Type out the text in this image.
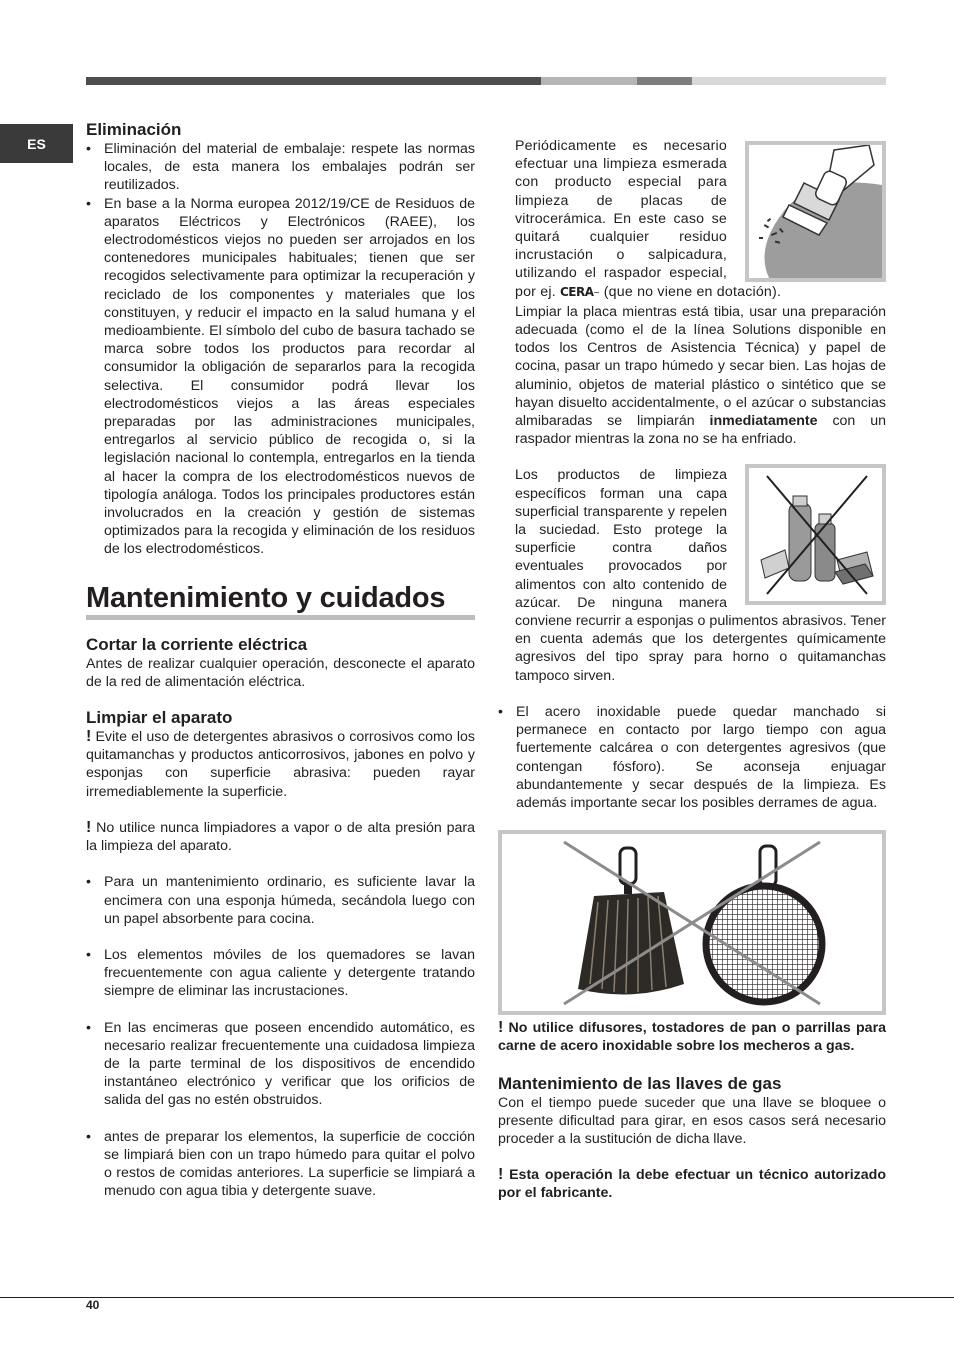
ES
Eliminación
• Eliminación del material de embalaje: respete las normas locales, de esta manera los embalajes podrán ser reutilizados.
• En base a la Norma europea 2012/19/CE de Residuos de aparatos Eléctricos y Electrónicos (RAEE), los electrodomésticos viejos no pueden ser arrojados en los contenedores municipales habituales; tienen que ser recogidos selectivamente para optimizar la recuperación y reciclado de los componentes y materiales que los constituyen, y reducir el impacto en la salud humana y el medioambiente. El símbolo del cubo de basura tachado se marca sobre todos los productos para recordar al consumidor la obligación de separarlos para la recogida selectiva. El consumidor podrá llevar los electrodomésticos viejos a las áreas especiales preparadas por las administraciones municipales, entregarlos al servicio público de recogida o, si la legislación nacional lo contempla, entregarlos en la tienda al hacer la compra de los electrodomésticos nuevos de tipología análoga. Todos los principales productores están involucrados en la creación y gestión de sistemas optimizados para la recogida y eliminación de los residuos de los electrodomésticos.
Mantenimiento y cuidados
Cortar la corriente eléctrica

Antes de realizar cualquier operación, desconecte el aparato de la red de alimentación eléctrica.

Limpiar el aparato

! Evite el uso de detergentes abrasivos o corrosivos como los quitamanchas y productos anticorrosivos, jabones en polvo y esponjas con superficie abrasiva: pueden rayar irremediablemente la superficie.

! No utilice nunca limpiadores a vapor o de alta presión para la limpieza del aparato.

• Para un mantenimiento ordinario, es suficiente lavar la encimera con una esponja húmeda, secándola luego con un papel absorbente para cocina.
• Los elementos móviles de los quemadores se lavan frecuentemente con agua caliente y detergente tratando siempre de eliminar las incrustaciones.
• En las encimeras que poseen encendido automático, es necesario realizar frecuentemente una cuidadosa limpieza de la parte terminal de los dispositivos de encendido instantáneo electrónico y verificar que los orificios de salida del gas no estén obstruidos.
• antes de preparar los elementos, la superficie de cocción se limpiará bien con un trapo húmedo para quitar el polvo o restos de comidas anteriores. La superficie se limpiará a menudo con agua tibia y detergente suave.

Periódicamente es necesario efectuar una limpieza esmerada con producto especial para limpieza de placas de vitrocerámica. En este caso se quitará cualquier residuo incrustación o salpicadura, utilizando el raspador especial, por ej. CERA~ (que no viene en dotación).

Limpiar la placa mientras está tibia, usar una preparación adecuada (como el de la línea Solutions disponible en todos los Centros de Asistencia Técnica) y papel de cocina, pasar un trapo húmedo y secar bien. Las hojas de aluminio, objetos de material plástico o sintético que se hayan disuelto accidentalmente, o el azúcar o substancias almibaradas se limpiarán inmediatamente con un raspador mientras la zona no se ha enfriado.

Los productos de limpieza específicos forman una capa superficial transparente y repelen la suciedad. Esto protege la superficie contra daños eventuales provocados por alimentos con alto contenido de azúcar. De ninguna manera conviene recurrir a esponjas o pulimentos abrasivos. Tener en cuenta además que los detergentes químicamente agresivos del tipo spray para horno o quitamanchas tampoco sirven.

• El acero inoxidable puede quedar manchado si permanece en contacto por largo tiempo con agua fuertemente calcárea o con detergentes agresivos (que contengan fósforo). Se aconseja enjuagar abundantemente y secar después de la limpieza. Es además importante secar los posibles derrames de agua.

! No utilice difusores, tostadores de pan o parrillas para carne de acero inoxidable sobre los mecheros a gas.

Mantenimiento de las llaves de gas

Con el tiempo puede suceder que una llave se bloquee o presente dificultad para girar, en esos casos será necesario proceder a la sustitución de dicha llave.

! Esta operación la debe efectuar un técnico autorizado por el fabricante.

40
